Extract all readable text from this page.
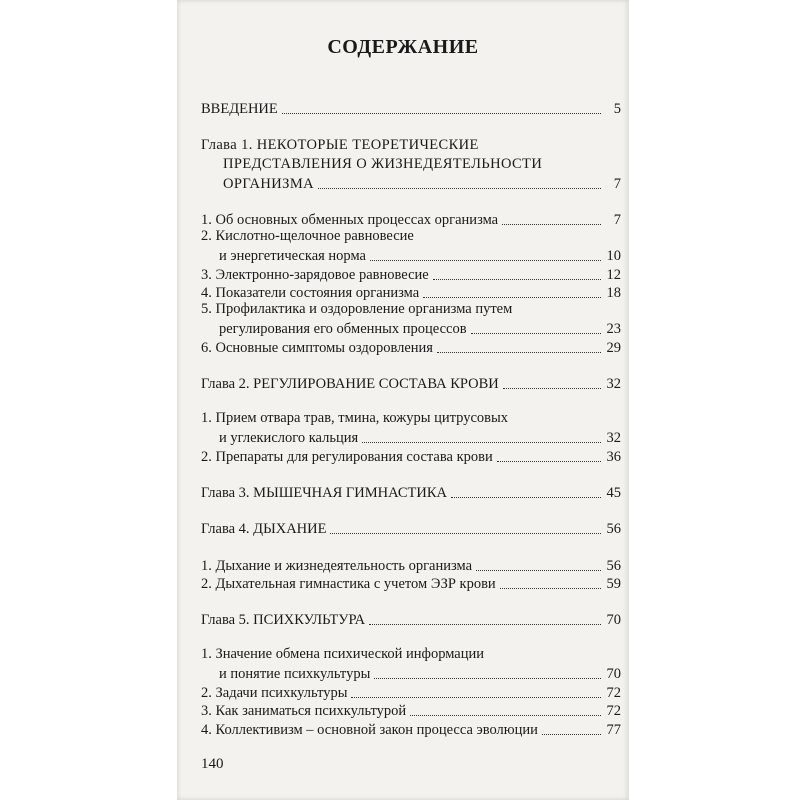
СОДЕРЖАНИЕ
ВВЕДЕНИЕ	5
Глава 1. НЕКОТОРЫЕ ТЕОРЕТИЧЕСКИЕ
ПРЕДСТАВЛЕНИЯ О ЖИЗНЕДЕЯТЕЛЬНОСТИ
ОРГАНИЗМА	7
1. Об основных обменных процессах организма	7
2. Кислотно-щелочное равновесие
и энергетическая норма	10
3. Электронно-зарядовое равновесие	12
4. Показатели состояния организма	18
5. Профилактика и оздоровление организма путем
регулирования его обменных процессов	23
6. Основные симптомы оздоровления	29
Глава 2. РЕГУЛИРОВАНИЕ СОСТАВА КРОВИ	32
1. Прием отвара трав, тмина, кожуры цитрусовых
и углекислого кальция	32
2. Препараты для регулирования состава крови	36
Глава 3. МЫШЕЧНАЯ ГИМНАСТИКА	45
Глава 4. ДЫХАНИЕ	56
1. Дыхание и жизнедеятельность организма	56
2. Дыхательная гимнастика с учетом ЭЗР крови	59
Глава 5. ПСИХКУЛЬТУРА	70
1. Значение обмена психической информации
и понятие психкультуры	70
2. Задачи психкультуры	72
3. Как заниматься психкультурой	72
4. Коллективизм – основной закон процесса эволюции	77
140
